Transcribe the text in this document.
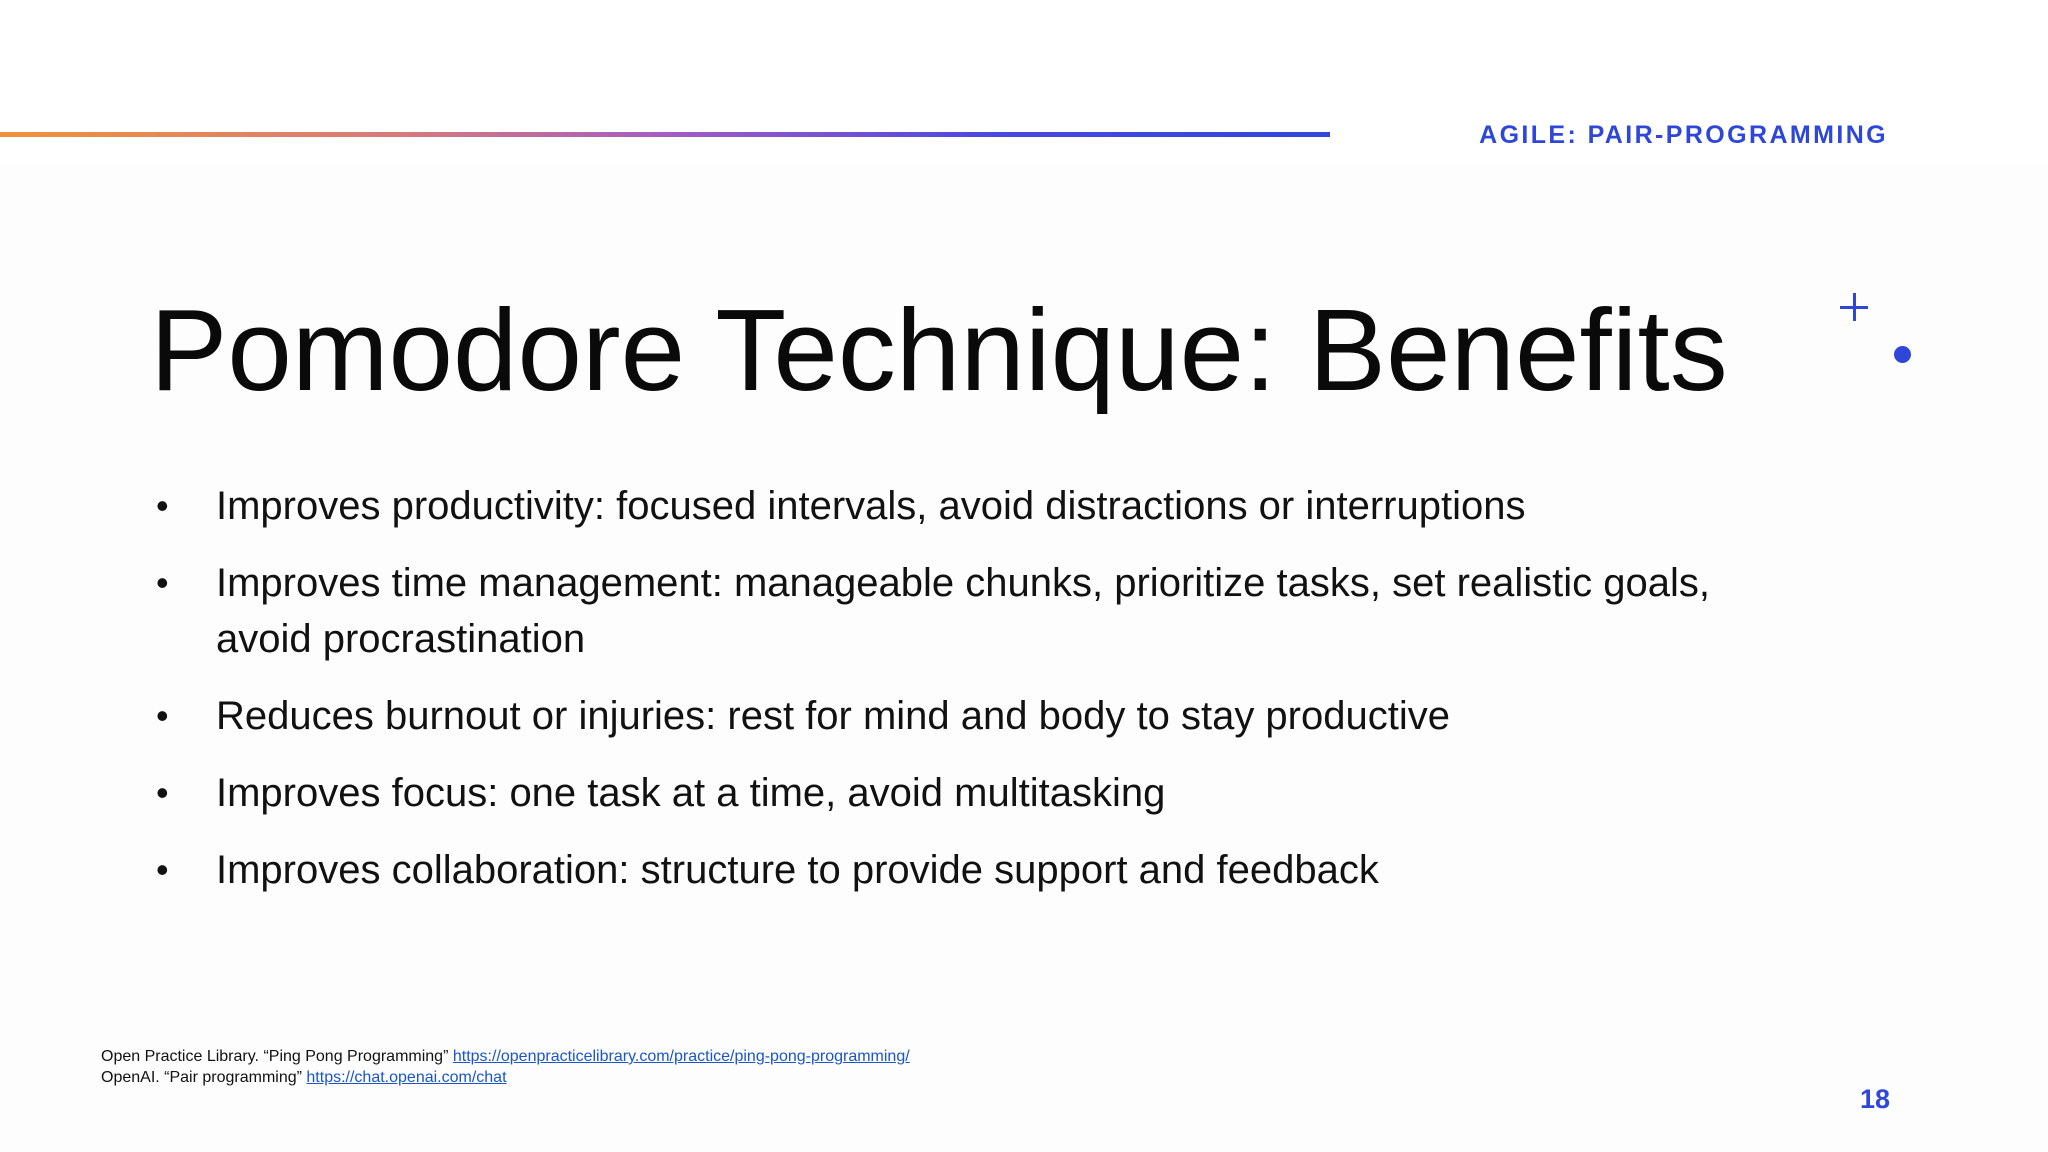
AGILE: PAIR-PROGRAMMING
Pomodore Technique: Benefits
• Improves productivity: focused intervals, avoid distractions or interruptions
• Improves time management: manageable chunks, prioritize tasks, set realistic goals, avoid procrastination
• Reduces burnout or injuries: rest for mind and body to stay productive
• Improves focus: one task at a time, avoid multitasking
• Improves collaboration: structure to provide support and feedback
Open Practice Library. “Ping Pong Programming” https://openpracticelibrary.com/practice/ping-pong-programming/
OpenAI. “Pair programming” https://chat.openai.com/chat
18
